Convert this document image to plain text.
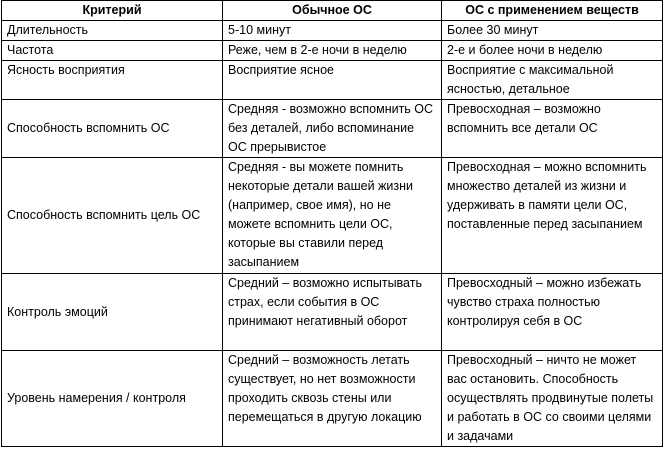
Критерий	Обычное ОС	ОС с применением веществ
Длительность	5-10 минут	Более 30 минут
Частота	Реже, чем в 2-е ночи в неделю	2-е и более ночи в неделю
Ясность восприятия	Восприятие ясное	Восприятие с максимальной ясностью, детальное
Способность вспомнить ОС	Средняя - возможно вспомнить ОС без деталей, либо вспоминание ОС прерывистое	Превосходная – возможно вспомнить все детали ОС
Способность вспомнить цель ОС	Средняя - вы можете помнить некоторые детали вашей жизни (например, свое имя), но не можете вспомнить цели ОС, которые вы ставили перед засыпанием	Превосходная – можно вспомнить множество деталей из жизни и удерживать в памяти цели ОС, поставленные перед засыпанием
Контроль эмоций	Средний – возможно испытывать страх, если события в ОС принимают негативный оборот	Превосходный – можно избежать чувство страха полностью контролируя себя в ОС
Уровень намерения / контроля	Средний – возможность летать существует, но нет возможности проходить сквозь стены или перемещаться в другую локацию	Превосходный – ничто не может вас остановить. Способность осуществлять продвинутые полеты и работать в ОС со своими целями и задачами
